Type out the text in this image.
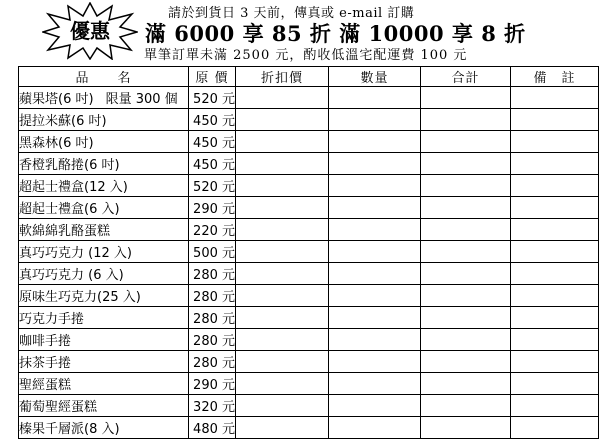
請於到貨日 3 天前，傳真或 e-mail 訂購
優惠	滿 6000 享 85 折 滿 10000 享 8 折
單筆訂單未滿 2500 元，酌收低溫宅配運費 100 元
品　　名	原 價	折扣價	數量	合計	備　註
蘋果塔(6 吋) 限量 300 個	520 元				
提拉米蘇(6 吋)	450 元				
黑森林(6 吋)	450 元				
香橙乳酪捲(6 吋)	450 元				
超起士禮盒(12 入)	520 元				
超起士禮盒(6 入)	290 元				
軟綿綿乳酪蛋糕	220 元				
真巧巧克力 (12 入)	500 元				
真巧巧克力 (6 入)	280 元				
原味生巧克力(25 入)	280 元				
巧克力手捲	280 元				
咖啡手捲	280 元				
抹茶手捲	280 元				
聖經蛋糕	290 元				
葡萄聖經蛋糕	320 元				
榛果千層派(8 入)	480 元				
